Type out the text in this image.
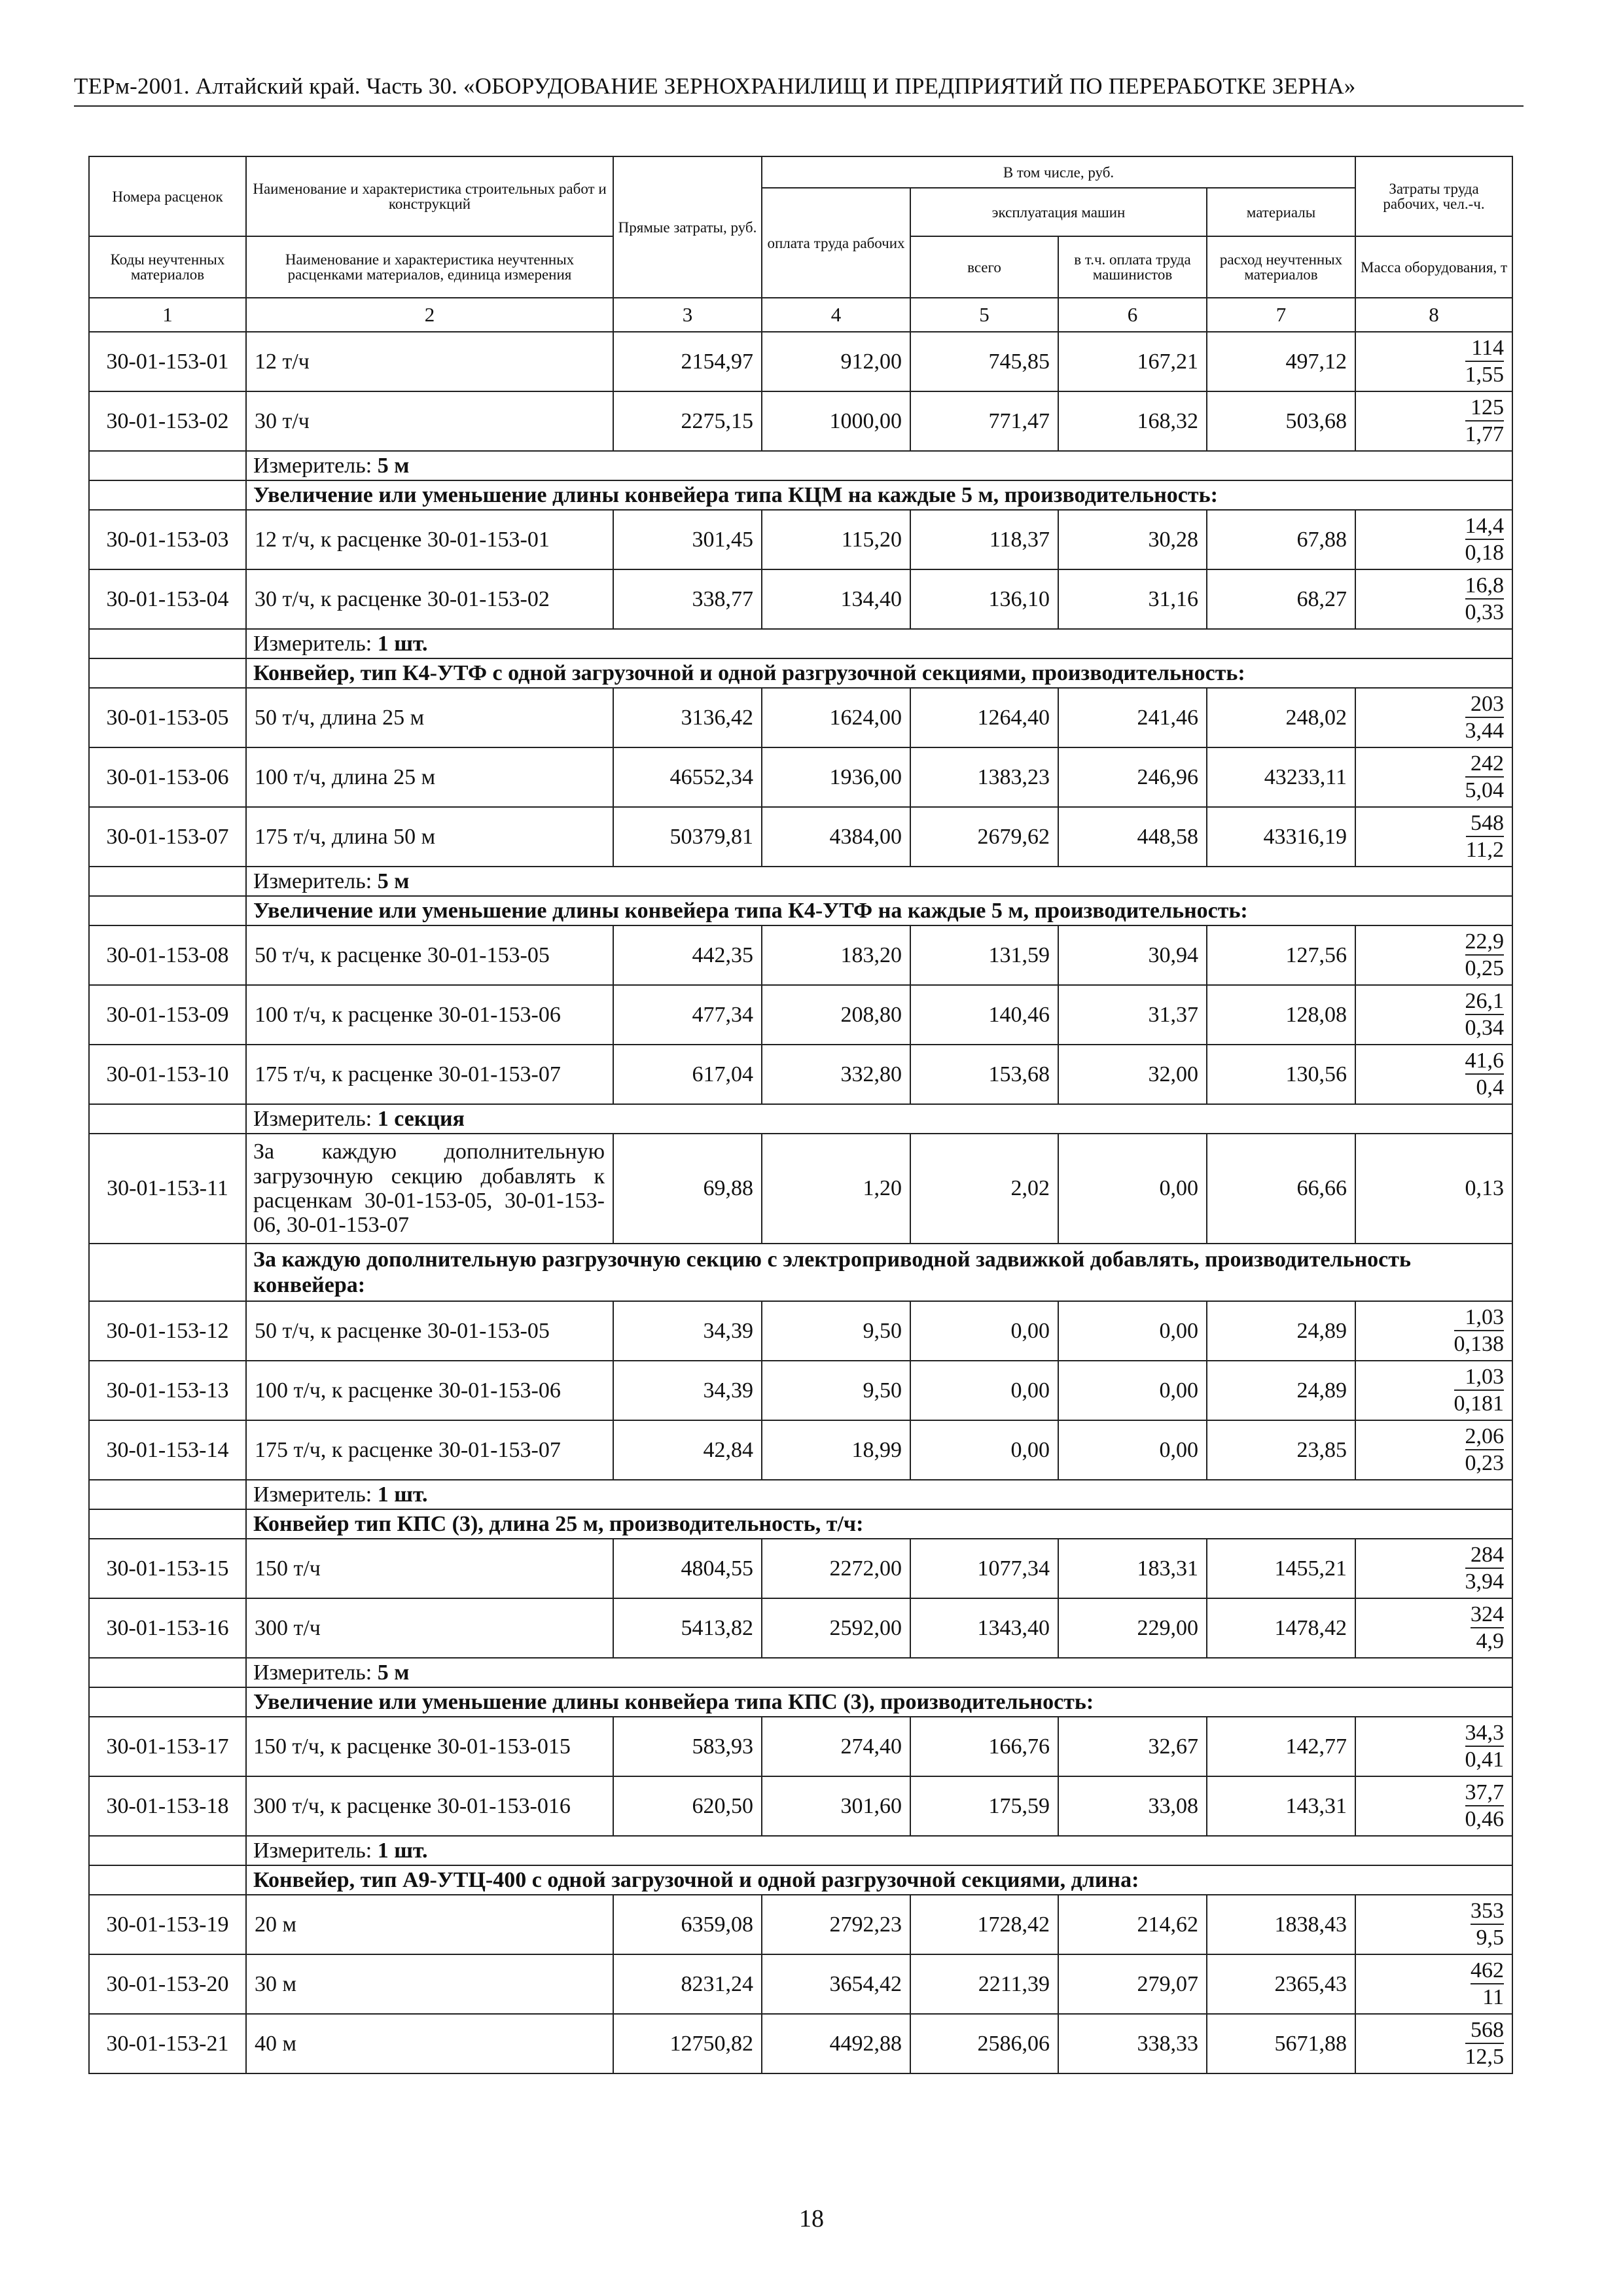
ТЕРм-2001. Алтайский край. Часть 30. «ОБОРУДОВАНИЕ ЗЕРНОХРАНИЛИЩ И ПРЕДПРИЯТИЙ ПО ПЕРЕРАБОТКЕ ЗЕРНА»
Номера расценок	Наименование и характеристика строительных работ и конструкций	Прямые затраты, руб.	В том числе, руб.				Затраты труда рабочих, чел.-ч.
			оплата труда рабочих	эксплуатация машин		материалы	
Коды неучтенных материалов	Наименование и характеристика неучтенных расценками материалов, единица измерения			всего	в т.ч. оплата труда машинистов	расход неучтенных материалов	Масса оборудования, т
1	2	3	4	5	6	7	8
30-01-153-01	12 т/ч	2154,97	912,00	745,85	167,21	497,12	$\frac{114}{1,55}$

30-01-153-02	30 т/ч	2275,15	1000,00	771,47	168,32	503,68	$\frac{125}{1,77}$

	Измеритель: 5 м						
	Увеличение или уменьшение длины конвейера типа КЦМ на каждые 5 м, производительность:						
30-01-153-03	12 т/ч, к расценке 30-01-153-01	301,45	115,20	118,37	30,28	67,88	$\frac{14,4}{0,18}$

30-01-153-04	30 т/ч, к расценке 30-01-153-02	338,77	134,40	136,10	31,16	68,27	$\frac{16,8}{0,33}$

	Измеритель: 1 шт.						
	Конвейер, тип К4-УТФ с одной загрузочной и одной разгрузочной секциями, производительность:						
30-01-153-05	50 т/ч, длина 25 м	3136,42	1624,00	1264,40	241,46	248,02	$\frac{203}{3,44}$

30-01-153-06	100 т/ч, длина 25 м	46552,34	1936,00	1383,23	246,96	43233,11	$\frac{242}{5,04}$

30-01-153-07	175 т/ч, длина 50 м	50379,81	4384,00	2679,62	448,58	43316,19	$\frac{548}{11,2}$

	Измеритель: 5 м						
	Увеличение или уменьшение длины конвейера типа К4-УТФ на каждые 5 м, производительность:						
30-01-153-08	50 т/ч, к расценке 30-01-153-05	442,35	183,20	131,59	30,94	127,56	$\frac{22,9}{0,25}$

30-01-153-09	100 т/ч, к расценке 30-01-153-06	477,34	208,80	140,46	31,37	128,08	$\frac{26,1}{0,34}$

30-01-153-10	175 т/ч, к расценке 30-01-153-07	617,04	332,80	153,68	32,00	130,56	$\frac{41,6}{0,4}$

	Измеритель: 1 секция						
30-01-153-11	За каждую дополнительную загрузочную секцию добавлять к расценкам 30-01-153-05, 30-01-153-06, 30-01-153-07	69,88	1,20	2,02	0,00	66,66	0,13
	За каждую дополнительную разгрузочную секцию с электроприводной задвижкой добавлять, производительность конвейера:						
30-01-153-12	50 т/ч, к расценке 30-01-153-05	34,39	9,50	0,00	0,00	24,89	$\frac{1,03}{0,138}$

30-01-153-13	100 т/ч, к расценке 30-01-153-06	34,39	9,50	0,00	0,00	24,89	$\frac{1,03}{0,181}$

30-01-153-14	175 т/ч, к расценке 30-01-153-07	42,84	18,99	0,00	0,00	23,85	$\frac{2,06}{0,23}$

	Измеритель: 1 шт.						
	Конвейер тип КПС (3), длина 25 м, производительность, т/ч:						
30-01-153-15	150 т/ч	4804,55	2272,00	1077,34	183,31	1455,21	$\frac{284}{3,94}$

30-01-153-16	300 т/ч	5413,82	2592,00	1343,40	229,00	1478,42	$\frac{324}{4,9}$

	Измеритель: 5 м						
	Увеличение или уменьшение длины конвейера типа КПС (3), производительность:						
30-01-153-17	150 т/ч, к расценке 30-01-153-015	583,93	274,40	166,76	32,67	142,77	$\frac{34,3}{0,41}$

30-01-153-18	300 т/ч, к расценке 30-01-153-016	620,50	301,60	175,59	33,08	143,31	$\frac{37,7}{0,46}$

	Измеритель: 1 шт.						
	Конвейер, тип А9-УТЦ-400 с одной загрузочной и одной разгрузочной секциями, длина:						
30-01-153-19	20 м	6359,08	2792,23	1728,42	214,62	1838,43	$\frac{353}{9,5}$

30-01-153-20	30 м	8231,24	3654,42	2211,39	279,07	2365,43	$\frac{462}{11}$

30-01-153-21	40 м	12750,82	4492,88	2586,06	338,33	5671,88	$\frac{568}{12,5}$
18
